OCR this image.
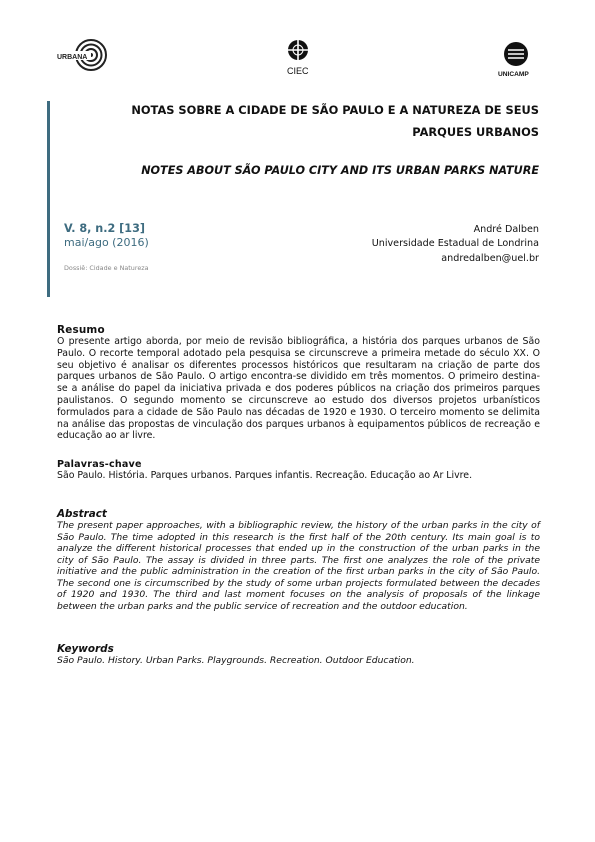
URBANA
CIEC	UNICAMP
NOTAS SOBRE A CIDADE DE SÃO PAULO E A NATUREZA DE SEUS PARQUES URBANOS
NOTES ABOUT SÃO PAULO CITY AND ITS URBAN PARKS NATURE
V. 8, n.2 [13]
mai/ago (2016)
Dossiê: Cidade e Natureza
André Dalben
Universidade Estadual de Londrina
andredalben@uel.br
Resumo
O presente artigo aborda, por meio de revisão bibliográfica, a história dos parques urbanos de São Paulo. O recorte temporal adotado pela pesquisa se circunscreve a primeira metade do século XX. O seu objetivo é analisar os diferentes processos históricos que resultaram na criação de parte dos parques urbanos de São Paulo. O artigo encontra-se dividido em três momentos. O primeiro destina-se a análise do papel da iniciativa privada e dos poderes públicos na criação dos primeiros parques paulistanos. O segundo momento se circunscreve ao estudo dos diversos projetos urbanísticos formulados para a cidade de São Paulo nas décadas de 1920 e 1930. O terceiro momento se delimita na análise das propostas de vinculação dos parques urbanos à equipamentos públicos de recreação e educação ao ar livre.
Palavras-chave
São Paulo. História. Parques urbanos. Parques infantis. Recreação. Educação ao Ar Livre.
Abstract
The present paper approaches, with a bibliographic review, the history of the urban parks in the city of São Paulo. The time adopted in this research is the first half of the 20th century. Its main goal is to analyze the different historical processes that ended up in the construction of the urban parks in the city of São Paulo. The assay is divided in three parts. The first one analyzes the role of the private initiative and the public administration in the creation of the first urban parks in the city of São Paulo. The second one is circumscribed by the study of some urban projects formulated between the decades of 1920 and 1930. The third and last moment focuses on the analysis of proposals of the linkage between the urban parks and the public service of recreation and the outdoor education.
Keywords
São Paulo. History. Urban Parks. Playgrounds. Recreation. Outdoor Education.
